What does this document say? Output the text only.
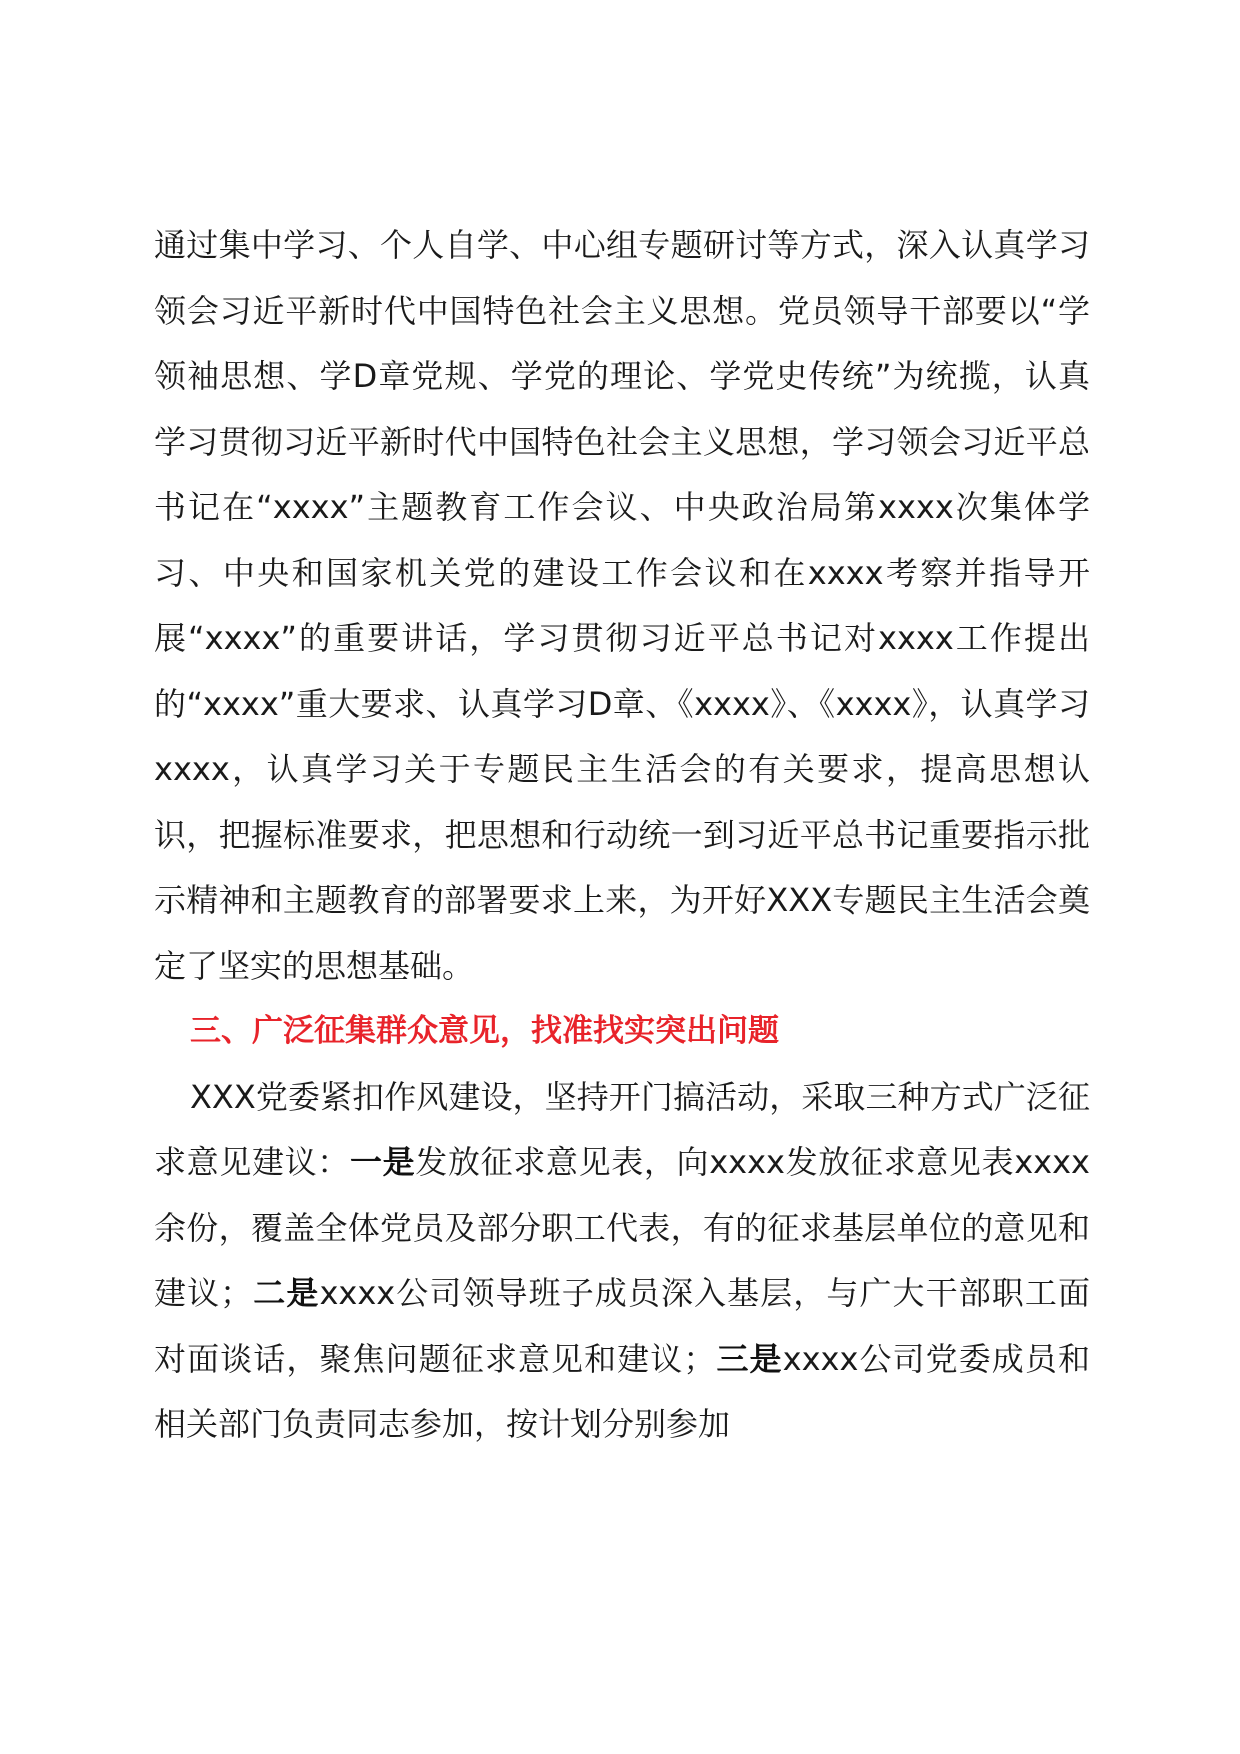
通过集中学习、个人自学、中心组专题研讨等方式，深入认真学习领会习近平新时代中国特色社会主义思想。党员领导干部要以“学领袖思想、学D章党规、学党的理论、学党史传统”为统揽，认真学习贯彻习近平新时代中国特色社会主义思想，学习领会习近平总书记在“xxxx”主题教育工作会议、中央政治局第xxxx次集体学习、中央和国家机关党的建设工作会议和在xxxx考察并指导开展“xxxx”的重要讲话，学习贯彻习近平总书记对xxxx工作提出的“xxxx”重大要求、认真学习D章、《xxxx》、《xxxx》，认真学习xxxx，认真学习关于专题民主生活会的有关要求，提高思想认识，把握标准要求，把思想和行动统一到习近平总书记重要指示批示精神和主题教育的部署要求上来，为开好XXX专题民主生活会奠定了坚实的思想基础。

三、广泛征集群众意见，找准找实突出问题

XXX党委紧扣作风建设，坚持开门搞活动，采取三种方式广泛征求意见建议：一是发放征求意见表，向xxxx发放征求意见表xxxx余份，覆盖全体党员及部分职工代表，有的征求基层单位的意见和建议；二是xxxx公司领导班子成员深入基层，与广大干部职工面对面谈话，聚焦问题征求意见和建议；三是xxxx公司党委成员和相关部门负责同志参加，按计划分别参加
